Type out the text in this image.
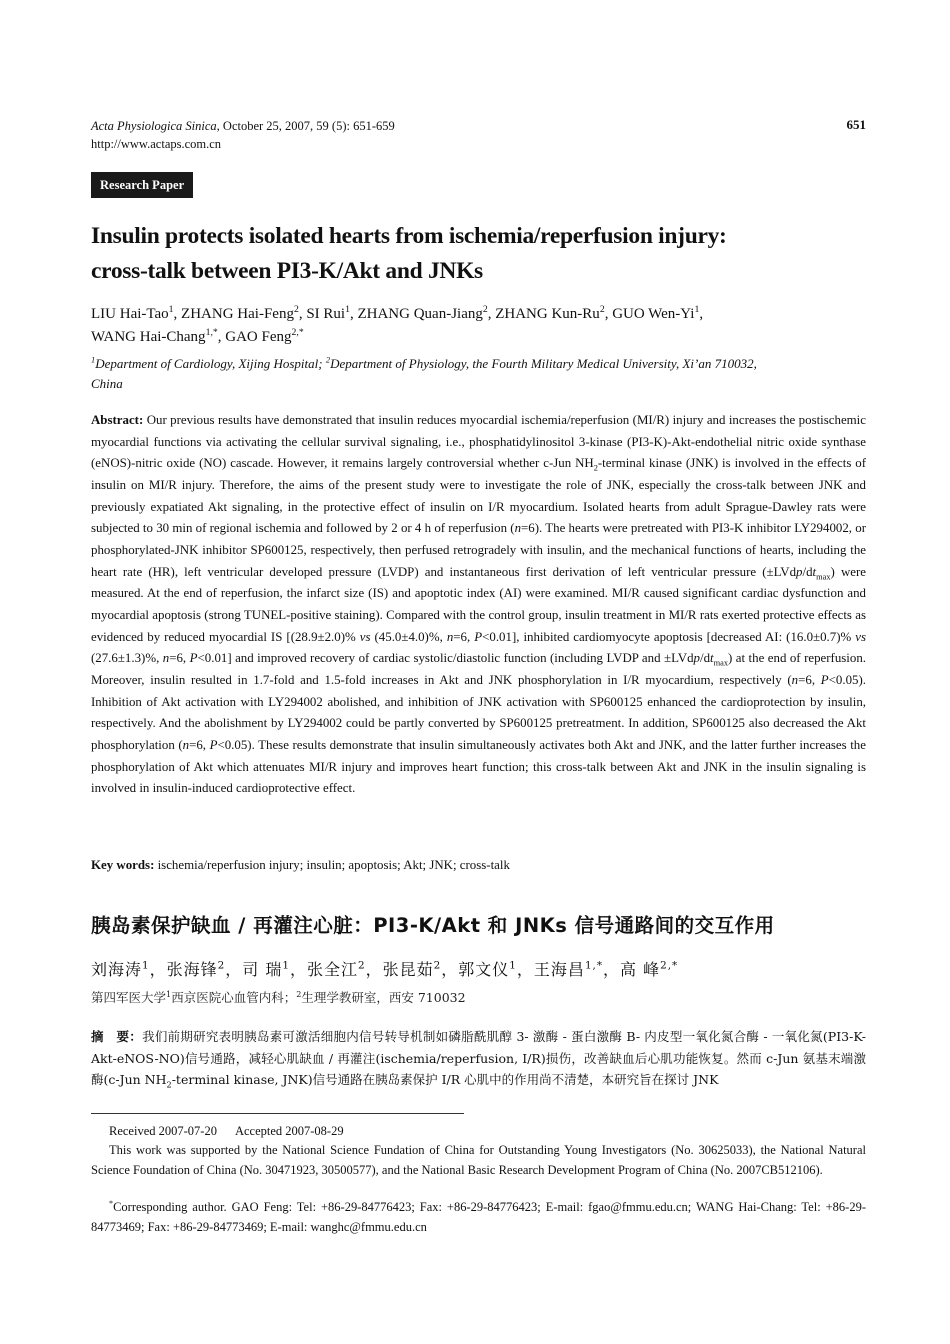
Acta Physiologica Sinica, October 25, 2007, 59 (5): 651-659
http://www.actaps.com.cn
651
Research Paper
Insulin protects isolated hearts from ischemia/reperfusion injury:
cross-talk between PI3-K/Akt and JNKs
LIU Hai-Tao$^1$, ZHANG Hai-Feng$^2$, SI Rui$^1$, ZHANG Quan-Jiang$^2$, ZHANG Kun-Ru$^2$, GUO Wen-Yi$^1$,
WANG Hai-Chang$^{1,*}$, GAO Feng$^{2,*}$
$^1$Department of Cardiology, Xijing Hospital; $^2$Department of Physiology, the Fourth Military Medical University, Xi’an 710032,
China
Abstract: Our previous results have demonstrated that insulin reduces myocardial ischemia/reperfusion (MI/R) injury and increases the postischemic myocardial functions via activating the cellular survival signaling, i.e., phosphatidylinositol 3-kinase (PI3-K)-Akt-endothelial nitric oxide synthase (eNOS)-nitric oxide (NO) cascade. However, it remains largely controversial whether c-Jun $NH_2$-terminal kinase (JNK) is involved in the effects of insulin on MI/R injury. Therefore, the aims of the present study were to investigate the role of JNK, especially the cross-talk between JNK and previously expatiated Akt signaling, in the protective effect of insulin on I/R myocardium. Isolated hearts from adult Sprague-Dawley rats were subjected to 30 min of regional ischemia and followed by 2 or 4 h of reperfusion (n=6). The hearts were pretreated with PI3-K inhibitor LY294002, or phosphorylated-JNK inhibitor SP600125, respectively, then perfused retrogradely with insulin, and the mechanical functions of hearts, including the heart rate (HR), left ventricular developed pressure (LVDP) and instantaneous first derivation of left ventricular pressure $(\pm LVdp/dt_{max})$ were measured. At the end of reperfusion, the infarct size (IS) and apoptotic index (AI) were examined. MI/R caused significant cardiac dysfunction and myocardial apoptosis (strong TUNEL-positive staining). Compared with the control group, insulin treatment in MI/R rats exerted protective effects as evidenced by reduced myocardial IS [(28.9±2.0)% vs (45.0±4.0)%, n=6, P<0.01], inhibited cardiomyocyte apoptosis [decreased AI: (16.0±0.7)% vs (27.6±1.3)%, n=6, P<0.01] and improved recovery of cardiac systolic/diastolic function (including LVDP and $\pm LVdp/dt_{max}$) at the end of reperfusion. Moreover, insulin resulted in 1.7-fold and 1.5-fold increases in Akt and JNK phosphorylation in I/R myocardium, respectively (n=6, P<0.05). Inhibition of Akt activation with LY294002 abolished, and inhibition of JNK activation with SP600125 enhanced the cardioprotection by insulin, respectively. And the abolishment by LY294002 could be partly converted by SP600125 pretreatment. In addition, SP600125 also decreased the Akt phosphorylation (n=6, P<0.05). These results demonstrate that insulin simultaneously activates both Akt and JNK, and the latter further increases the phosphorylation of Akt which attenuates MI/R injury and improves heart function; this cross-talk between Akt and JNK in the insulin signaling is involved in insulin-induced cardioprotective effect.
Key words: ischemia/reperfusion injury; insulin; apoptosis; Akt; JNK; cross-talk
胰岛素保护缺血 / 再灌注心脏：PI3-K/Akt 和 JNKs 信号通路间的交互作用
刘海涛$^1$，张海锋$^2$，司 瑞$^1$，张全江$^2$，张昆茹$^2$，郭文仪$^1$，王海昌$^{1,*}$，高 峰$^{2,*}$
第四军医大学$^1$西京医院心血管内科；$^2$生理学教研室，西安 710032
摘　要：我们前期研究表明胰岛素可激活细胞内信号转导机制如磷脂酰肌醇 3- 激酶 - 蛋白激酶 B- 内皮型一氧化氮合酶 - 一氧化氮(PI3-K-Akt-eNOS-NO)信号通路，减轻心肌缺血 / 再灌注(ischemia/reperfusion, I/R)损伤，改善缺血后心肌功能恢复。然而 c-Jun 氨基末端激酶(c-Jun $NH_2$-terminal kinase, JNK)信号通路在胰岛素保护 I/R 心肌中的作用尚不清楚，本研究旨在探讨 JNK
Received 2007-07-20 Accepted 2007-08-29
This work was supported by the National Science Fundation of China for Outstanding Young Investigators (No. 30625033), the National Natural Science Foundation of China (No. 30471923, 30500577), and the National Basic Research Development Program of China (No. 2007CB512106).
*Corresponding author. GAO Feng: Tel: +86-29-84776423; Fax: +86-29-84776423; E-mail: fgao@fmmu.edu.cn; WANG Hai-Chang: Tel: +86-29-84773469; Fax: +86-29-84773469; E-mail: wanghc@fmmu.edu.cn
